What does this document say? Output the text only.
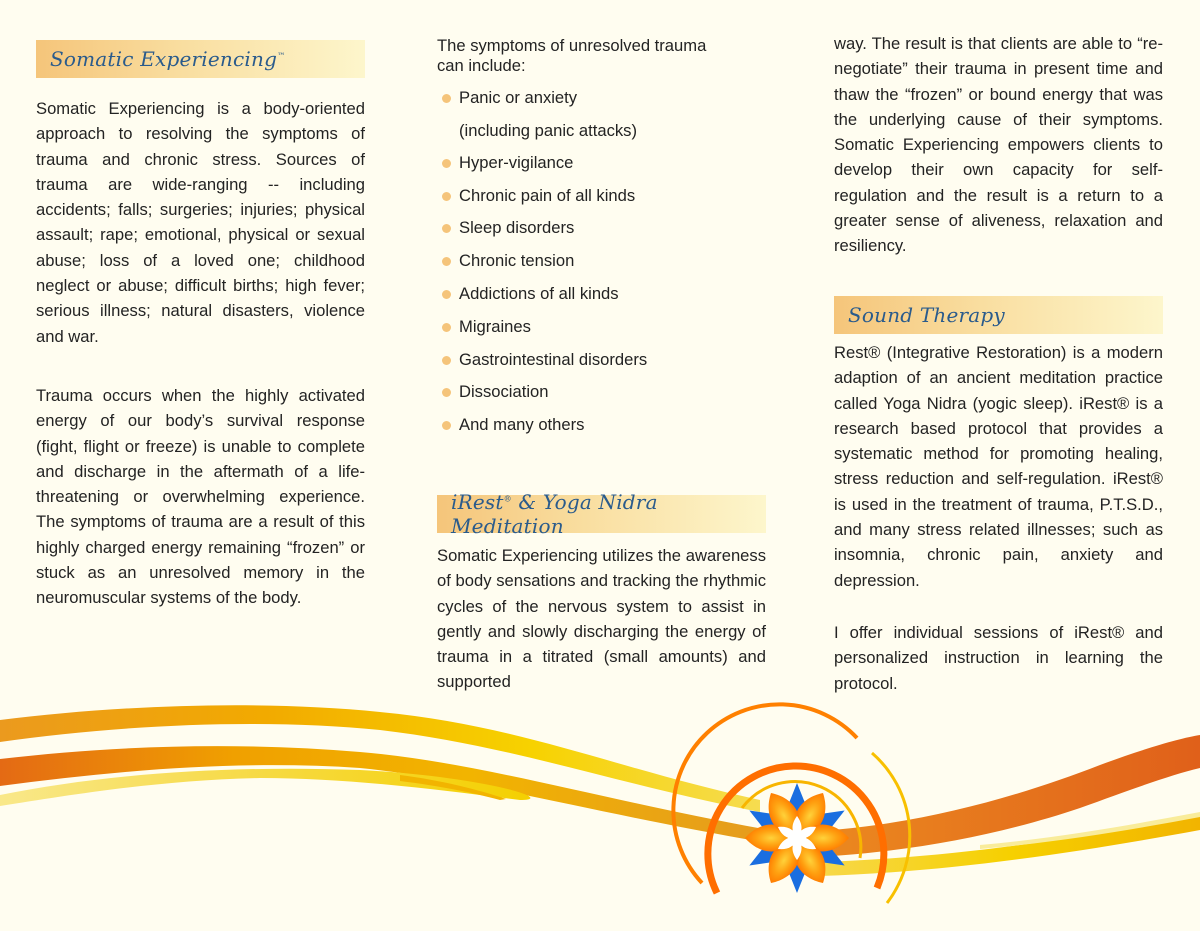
Somatic Experiencing™

Somatic Experiencing is a body-oriented approach to resolving the symptoms of trauma and chronic stress. Sources of trauma are wide-ranging -- including accidents; falls; surgeries; injuries; physical assault; rape; emotional, physical or sexual abuse; loss of a loved one; childhood neglect or abuse; difficult births; high fever; serious illness; natural disasters, violence and war.

Trauma occurs when the highly activated energy of our body’s survival response (fight, flight or freeze) is unable to complete and discharge in the aftermath of a life- threatening or overwhelming experience. The symptoms of trauma are a result of this highly charged energy remaining “frozen” or stuck as an unresolved memory in the neuromuscular systems of the body.

The symptoms of unresolved trauma can include:

Panic or anxiety
(including panic attacks)
Hyper-vigilance
Chronic pain of all kinds
Sleep disorders
Chronic tension
Addictions of all kinds
Migraines
Gastrointestinal disorders
Dissociation
And many others
iRest® & Yoga Nidra Meditation

Somatic Experiencing utilizes the awareness of body sensations and tracking the rhythmic cycles of the nervous system to assist in gently and slowly discharging the energy of trauma in a titrated (small amounts) and supported

way. The result is that clients are able to “re-negotiate” their trauma in present time and thaw the “frozen” or bound energy that was the underlying cause of their symptoms. Somatic Experiencing empowers clients to develop their own capacity for self- regulation and the result is a return to a greater sense of aliveness, relaxation and resiliency.

Sound Therapy

Rest® (Integrative Restoration) is a modern adaption of an ancient meditation practice called Yoga Nidra (yogic sleep). iRest® is a research based protocol that provides a systematic method for promoting healing, stress reduction and self-regulation. iRest® is used in the treatment of trauma, P.T.S.D., and many stress related illnesses; such as insomnia, chronic pain, anxiety and depression.

I offer individual sessions of iRest® and personalized instruction in learning the protocol.
